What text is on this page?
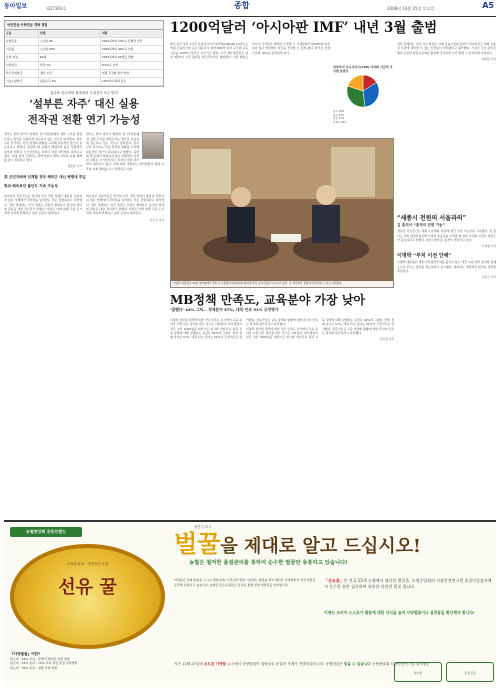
동아일보	제27303호	종합	2008년 10월 25일 토요일	A5
국민연금·사학연금 개혁 쟁점
구분	현행	개편
보험료율	소득의 9%	2012년까지 13%로 단계적 인상
지급률	소득의 60%	2028년까지 40%로 인하
수령 연령	60세	2033년까지 65세로 상향
사학연금	부담 7%	8.5%로 인상
특수직역연금	정부 보전	재정 건전화 방안 마련
기초노령연금	평균소득 5%	10%까지 확대 검토
홍준표 한나라당 원내대표 국정감사 모두 발언
‘설부른 자주’ 대신 실용
전작권 전환 연기 가능성

정부는 한미 양국이 합의한 전시작전통제권 전환 시기를 재검토하는 방안을 신중하게 검토하고 있는 것으로 알려졌다. 정부 고위 당국자는 안보 환경의 변화를 고려해 실용적인 접근이 필요하다고 밝혔다. 북한의 핵 문제가 해결되지 않은 상황에서 전작권 전환은 시기상조라는 지적이 여권 내부에서 제기되고 있다. 이에 따라 국방부는 한미연합사 해체 이후의 지휘 체계를 다시 점검하고 있다.

정용관 기자

정부는 한미 양국이 합의한 전시작전통제권 전환 시기를 재검토하는 방안을 신중하게 검토하고 있는 것으로 알려졌다. 정부 고위 당국자는 안보 환경의 변화를 고려해 실용적인 접근이 필요하다고 밝혔다. 북한의 핵 문제가 해결되지 않은 상황에서 전작권 전환은 시기상조라는 지적이 여권 내부에서 제기되고 있다. 이에 따라 국방부는 한미연합사 해체 이후의 지휘 체계를 다시 점검하고 있다.

美 군민지배에 인계할 정부 해외군 대신 해병대 투입
방위·해외보안 불안도 지속 가능성

외교안보 전문가들은 한국의 자주 국방 역량이 충분히 갖춰지지 않은 상태에서 전작권을 넘겨받는 것은 위험하다고 지적했다. 정부 관계자는 미국 측과도 긴밀히 협의하고 있으며 연내에 결론을 내릴 것이라고 말했다. 야당은 이에 대해 주권 포기라며 강하게 반발하고 있어 논란이 예상된다.

외교안보 전문가들은 한국의 자주 국방 역량이 충분히 갖춰지지 않은 상태에서 전작권을 넘겨받는 것은 위험하다고 지적했다. 정부 관계자는 미국 측과도 긴밀히 협의하고 있으며 연내에 결론을 내릴 것이라고 말했다. 야당은 이에 대해 주권 포기라며 강하게 반발하고 있어 논란이 예상된다.

조수진 기자
1200억달러 ‘아시아판 IMF’ 내년 3월 출범

한국 중국 일본 3국과 동남아시아국가연합(ASEAN) 10개국은 역내 금융위기에 공동 대응하기 위한 800억 달러 규모의 공동기금을 1200억 달러로 늘리기로 했다. 각국 재무장관들은 내년 3월까지 기금 출범을 마무리하기로 합의했다. 이번 합의로 아시아 국가들은 외환위기 발생 시 국제통화기금(IMF)에 의존하지 않고 역내에서 자금을 조달할 수 있게 됐다. 한국은 전체 기금의 16%를 분담하게 된다.

치앙마이 이니셔티브(CMI) 다자화 기금의 국가별 분담금
한국 16%
중국 32%
일본 32%
아세안 20%

정부 관계자는 이번 기금 확대로 국제 금융시장의 불안이 커지더라도 외화 유동성 부족에 대비할 수 있는 안전판이 마련됐다고 평가했다. 기금은 각국 중앙은행이 보유한 외환보유액을 활용해 조성되며 위기 발생 시 신속하게 지원된다.

하태원 기자
이명박 대통령이 24일 청와대에서 열린 국가경쟁력강화위원회 회의에 앞서 참석자들과 악수하고 있다. 이 자리에서 경제 현안에 대한 논의가 이뤄졌다.
MB정책 만족도, 교육분야 가장 낮아
‘잘했다’ 44% 그쳐… 경제분야 57%, 대북·안보 51% 긍정평가

이명박 정부의 정책에 대한 국민 만족도 조사에서 교육 분야가 가장 낮은 평가를 받은 것으로 나타났다. 한국갤럽이 전국 성인 1000명을 대상으로 실시한 여론조사 결과 교육 정책에 대해 잘했다는 응답은 44%에 그쳤다. 반면 경제 분야는 57%, 대북·안보 분야는 51%가 긍정적으로 평가했다. 전문가들은 교육 정책의 방향에 대한 혼선이 만족도 하락의 원인이라고 분석했다.

이명박 정부의 정책에 대한 국민 만족도 조사에서 교육 분야가 가장 낮은 평가를 받은 것으로 나타났다. 한국갤럽이 전국 성인 1000명을 대상으로 실시한 여론조사 결과 교육 정책에 대해 잘했다는 응답은 44%에 그쳤다. 반면 경제 분야는 57%, 대북·안보 분야는 51%가 긍정적으로 평가했다. 전문가들은 교육 정책의 방향에 대한 혼선이 만족도 하락의 원인이라고 분석했다.

신치영 기자
“세종시 전원의 서울과의”
김 총리서 “총정리 전면 가능”

정운찬 국무총리는 세종시 문제와 관련해 원안 수정 가능성을 시사했다. 정 총리는 국회 대정부질문에서 행정 효율성을 고려할 때 일부 부처의 이전은 재검토가 필요하다고 말했다. 여당 내에서도 의견이 엇갈리고 있다.

이재명 기자
이명박 “부처 이전 안해”

이명박 대통령은 세종시에 행정부처를 옮기지 않는 대신 교육 과학 중심의 경제도시로 만드는 방안을 검토하라고 지시했다. 청와대는 연말까지 대안을 마련할 예정이다.

조동진 기자
원산지 표시
농협중앙회 공동브랜드	벌꿀을 제대로 알고 드십시오!
농협은 철저한 품질관리를 통하여 순수한 벌꿀만 유통하고 있습니다!
농협중앙회 · 양봉협동조합
선유 꿀
『사양벌꿀』이란?
탄소비 : 15% 이하 - 꽃에서 채집한 천연 벌꿀
탄소비 : 15% 초과 - 75% 이하 설탕 혼입 사양벌꿀
탄소비 : 75% 이상 - 설탕 사양 벌꿀
여러분은 진짜 벌꿀을 드시고 계십니까? 우리나라 벌꿀 시장에는 설탕을 먹여 생산한 사양벌꿀이 천연 벌꿀로 둔갑해 유통되고 있습니다. 농협은 탄소동위원소 분석을 통해 천연 벌꿀만을 엄선합니다.
「선유꿀」은 전국 15개 농협에서 생산한 벌꿀을, 농협중앙회의 식품안전연구원 품질인증검사에서 순수한 꿀만 검사하여 유통한 안전한 벌꿀 입니다.
이제는 소비자 스스로가 벌꿀에 대한 상식을 높여 사양벌꿀이나 설탕꿀을 확인해야 합니다!
지난 11월 27일에 보도된 가짜꿀 뉴스에서 사양벌꿀이 설탕꿀로 둔갑한 사례가 적발되었습니다. 농협벌꿀은 믿을 수 있습니다 농협중앙회 식품안전연구원 검사필증
천연꿀	품질인증
